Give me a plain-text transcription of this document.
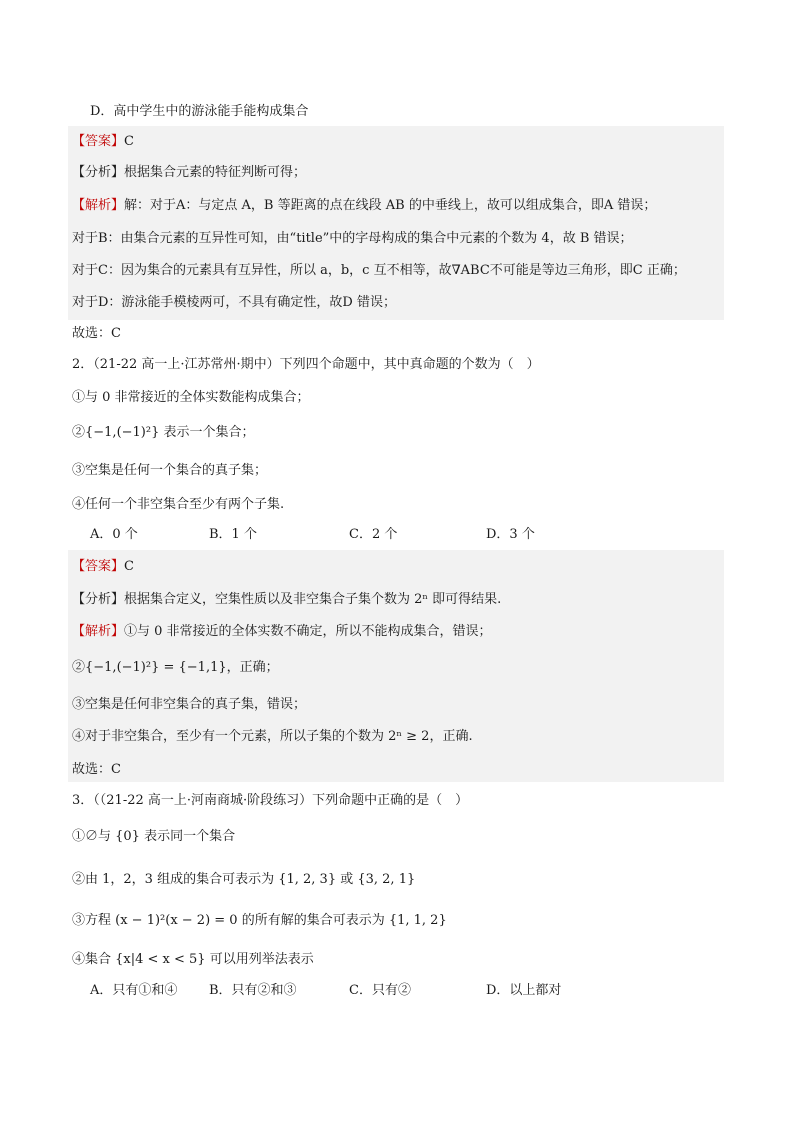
D．高中学生中的游泳能手能构成集合
【答案】C
【分析】根据集合元素的特征判断可得；
【解析】解：对于A：与定点 A，B 等距离的点在线段 AB 的中垂线上，故可以组成集合，即A 错误；
对于B：由集合元素的互异性可知，由“title”中的字母构成的集合中元素的个数为 4，故 B 错误；
对于C：因为集合的元素具有互异性，所以 a，b，c 互不相等，故∇ABC不可能是等边三角形，即C 正确；
对于D：游泳能手模棱两可，不具有确定性，故D 错误；
故选：C
2．（21-22 高一上·江苏常州·期中）下列四个命题中，其中真命题的个数为（　）
①与 0 非常接近的全体实数能构成集合；
②{−1,(−1)²} 表示一个集合；
③空集是任何一个集合的真子集；
④任何一个非空集合至少有两个子集.
A．0 个	B．1 个	C．2 个	D．3 个
【答案】C
【分析】根据集合定义，空集性质以及非空集合子集个数为 2ⁿ 即可得结果.
【解析】①与 0 非常接近的全体实数不确定，所以不能构成集合，错误；
②{−1,(−1)²} = {−1,1}，正确；
③空集是任何非空集合的真子集，错误；
④对于非空集合，至少有一个元素，所以子集的个数为 2ⁿ ≥ 2，正确.
故选：C
3．（（21-22 高一上·河南商城·阶段练习）下列命题中正确的是（　）
①∅与 {0} 表示同一个集合
②由 1，2，3 组成的集合可表示为 {1, 2, 3} 或 {3, 2, 1}
③方程 (x − 1)²(x − 2) = 0 的所有解的集合可表示为 {1, 1, 2}
④集合 {x|4 < x < 5} 可以用列举法表示
A．只有①和④ B．只有②和③	C．只有②	D．以上都对
